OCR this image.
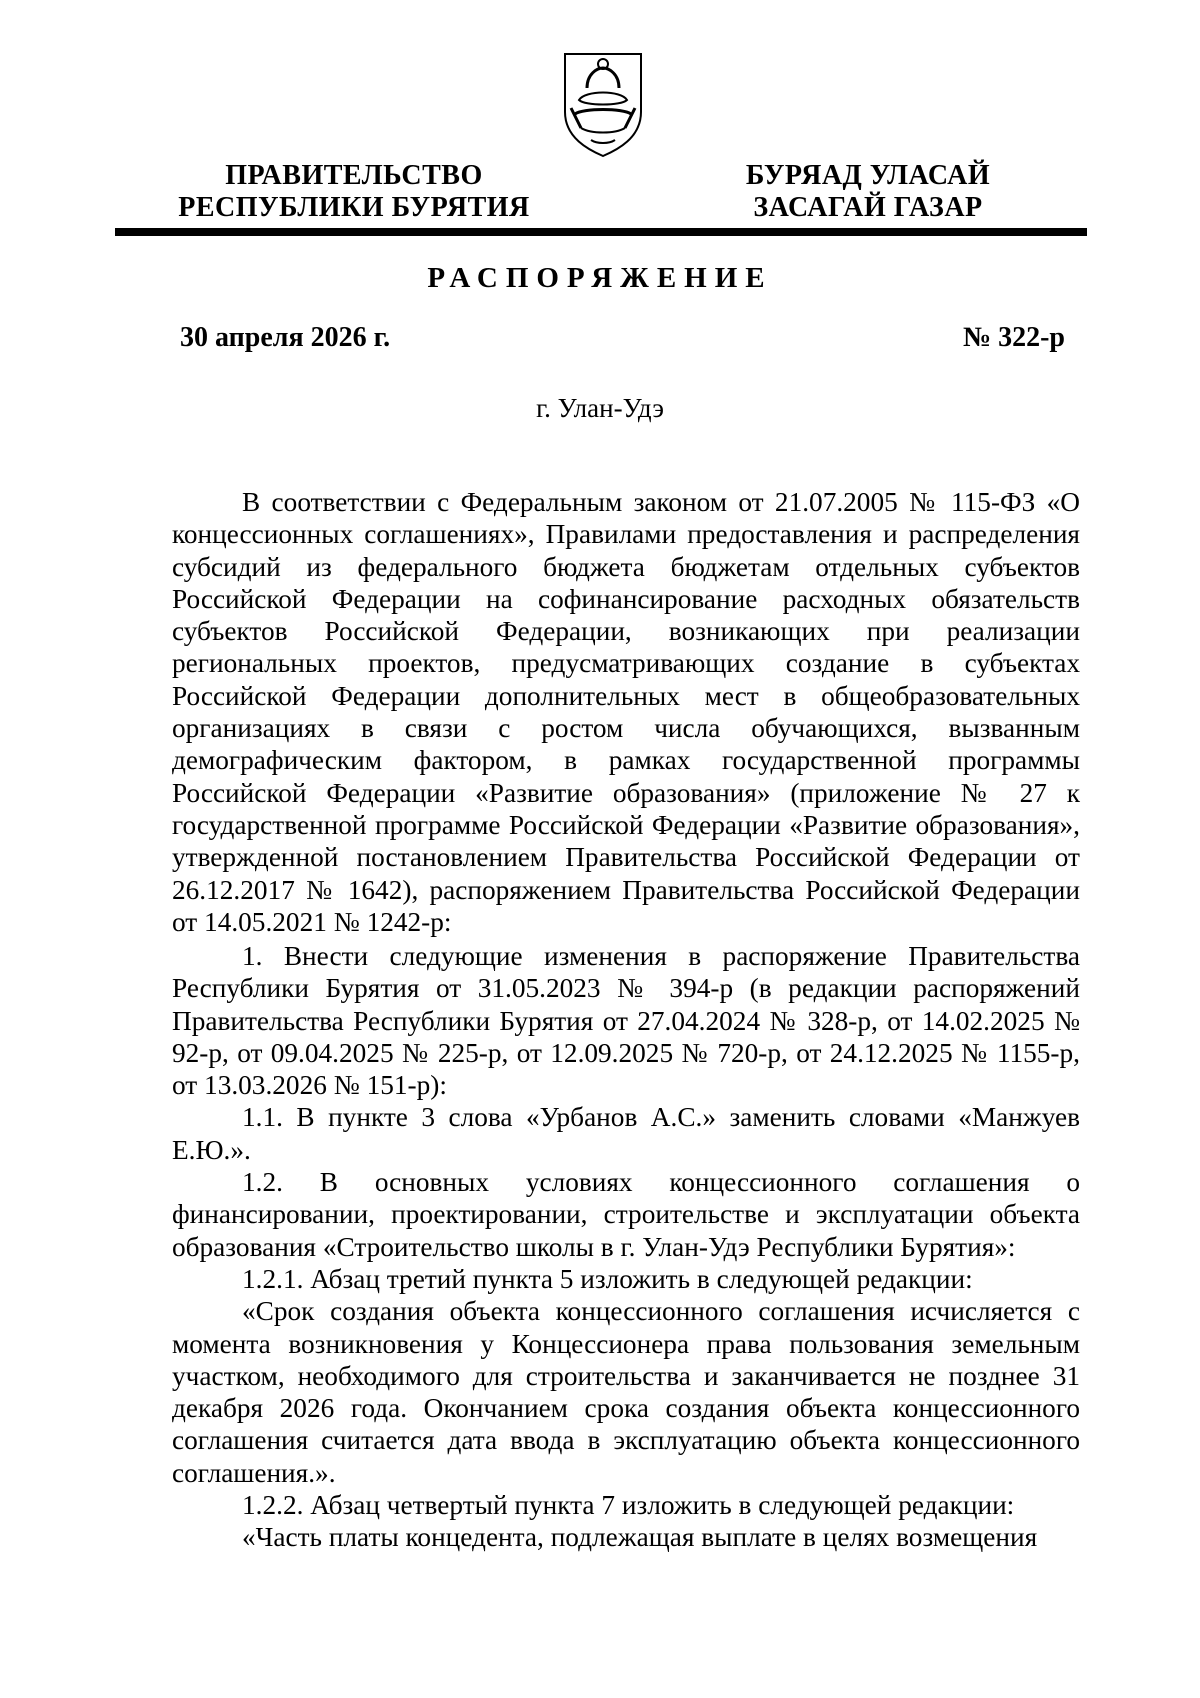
ПРАВИТЕЛЬСТВО
РЕСПУБЛИКИ БУРЯТИЯ
БУРЯАД УЛАСАЙ
ЗАСАГАЙ ГАЗАР
РАСПОРЯЖЕНИЕ
30 апреля 2026 г.	№ 322-р
г. Улан-Удэ

В соответствии с Федеральным законом от 21.07.2005 № 115-ФЗ «О концессионных соглашениях», Правилами предоставления и распределения субсидий из федерального бюджета бюджетам отдельных субъектов Российской Федерации на софинансирование расходных обязательств субъектов Российской Федерации, возникающих при реализации региональных проектов, предусматривающих создание в субъектах Российской Федерации дополнительных мест в общеобразовательных организациях в связи с ростом числа обучающихся, вызванным демографическим фактором, в рамках государственной программы Российской Федерации «Развитие образования» (приложение № 27 к государственной программе Российской Федерации «Развитие образования», утвержденной постановлением Правительства Российской Федерации от 26.12.2017 № 1642), распоряжением Правительства Российской Федерации от 14.05.2021 № 1242-р:

1. Внести следующие изменения в распоряжение Правительства Республики Бурятия от 31.05.2023 № 394-р (в редакции распоряжений Правительства Республики Бурятия от 27.04.2024 № 328-р, от 14.02.2025 № 92-р, от 09.04.2025 № 225-р, от 12.09.2025 № 720-р, от 24.12.2025 № 1155-р, от 13.03.2026 № 151-р):

1.1. В пункте 3 слова «Урбанов А.С.» заменить словами «Манжуев Е.Ю.».

1.2. В основных условиях концессионного соглашения о финансировании, проектировании, строительстве и эксплуатации объекта образования «Строительство школы в г. Улан-Удэ Республики Бурятия»:

1.2.1. Абзац третий пункта 5 изложить в следующей редакции:

«Срок создания объекта концессионного соглашения исчисляется с момента возникновения у Концессионера права пользования земельным участком, необходимого для строительства и заканчивается не позднее 31 декабря 2026 года. Окончанием срока создания объекта концессионного соглашения считается дата ввода в эксплуатацию объекта концессионного соглашения.».

1.2.2. Абзац четвертый пункта 7 изложить в следующей редакции:

«Часть платы концедента, подлежащая выплате в целях возмещения
